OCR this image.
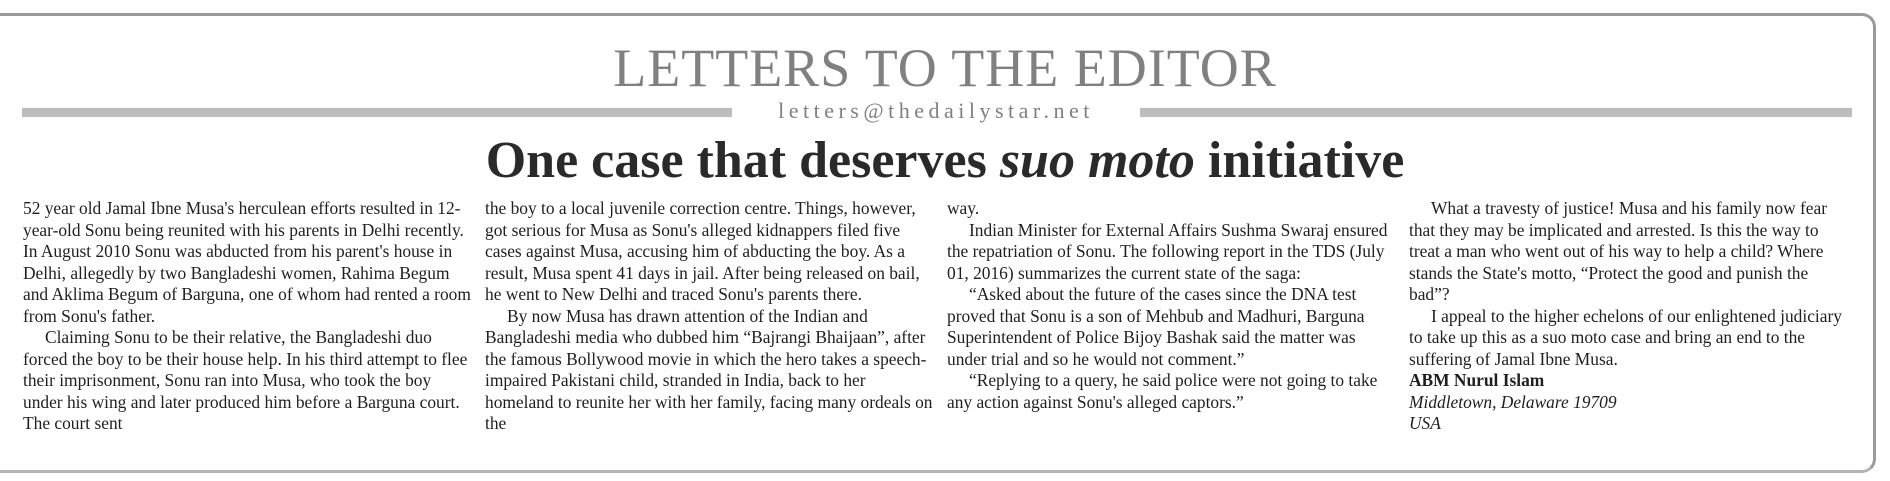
LETTERS TO THE EDITOR
letters@thedailystar.net
One case that deserves suo moto initiative

52 year old Jamal Ibne Musa's herculean efforts resulted in 12-year-old Sonu being reunited with his parents in Delhi recently. In August 2010 Sonu was abducted from his parent's house in Delhi, allegedly by two Bangladeshi women, Rahima Begum and Aklima Begum of Barguna, one of whom had rented a room from Sonu's father.

Claiming Sonu to be their relative, the Bangladeshi duo forced the boy to be their house help. In his third attempt to flee their imprisonment, Sonu ran into Musa, who took the boy under his wing and later produced him before a Barguna court. The court sent

the boy to a local juvenile correction centre. Things, however, got serious for Musa as Sonu's alleged kidnappers filed five cases against Musa, accusing him of abducting the boy. As a result, Musa spent 41 days in jail. After being released on bail, he went to New Delhi and traced Sonu's parents there.

By now Musa has drawn attention of the Indian and Bangladeshi media who dubbed him “Bajrangi Bhaijaan”, after the famous Bollywood movie in which the hero takes a speech-impaired Pakistani child, stranded in India, back to her homeland to reunite her with her family, facing many ordeals on the

way.

Indian Minister for External Affairs Sushma Swaraj ensured the repatriation of Sonu. The following report in the TDS (July 01, 2016) summarizes the current state of the saga:

“Asked about the future of the cases since the DNA test proved that Sonu is a son of Mehbub and Madhuri, Barguna Superintendent of Police Bijoy Bashak said the matter was under trial and so he would not comment.”

“Replying to a query, he said police were not going to take any action against Sonu's alleged captors.”

What a travesty of justice! Musa and his family now fear that they may be implicated and arrested. Is this the way to treat a man who went out of his way to help a child? Where stands the State's motto, “Protect the good and punish the bad”?

I appeal to the higher echelons of our enlightened judiciary to take up this as a suo moto case and bring an end to the suffering of Jamal Ibne Musa.

ABM Nurul Islam

Middletown, Delaware 19709

USA
